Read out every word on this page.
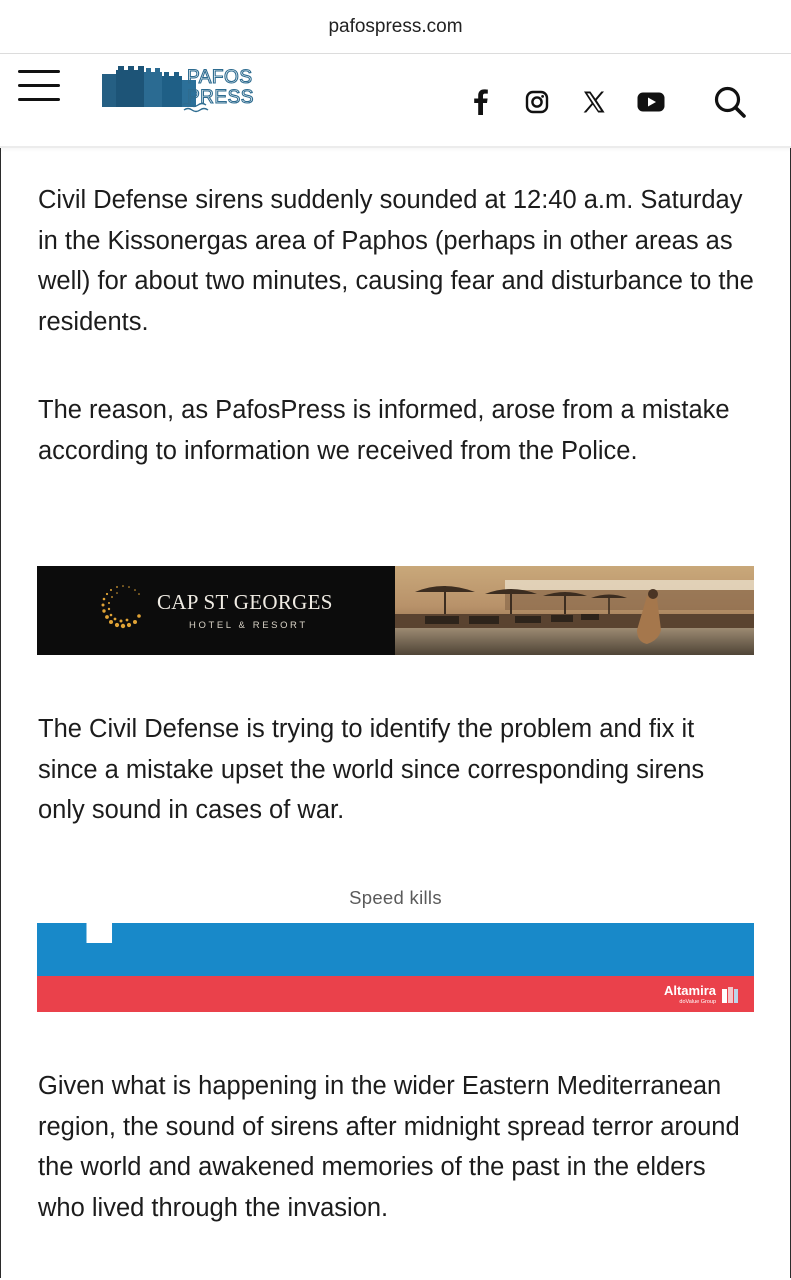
pafospress.com
PAFOS
PRESS

Civil Defense sirens suddenly sounded at 12:40 a.m. Saturday in the Kissonergas area of Paphos (perhaps in other areas as well) for about two minutes, causing fear and disturbance to the residents.

The reason, as PafosPress is informed, arose from a mistake according to information we received from the Police.

CAP ST GEORGES
HOTEL & RESORT

The Civil Defense is trying to identify the problem and fix it since a mistake upset the world since corresponding sirens only sound in cases of war.

Speed kills
▀▄▀
Altamira
doValue Group

Given what is happening in the wider Eastern Mediterranean region, the sound of sirens after midnight spread terror around the world and awakened memories of the past in the elders who lived through the invasion.
